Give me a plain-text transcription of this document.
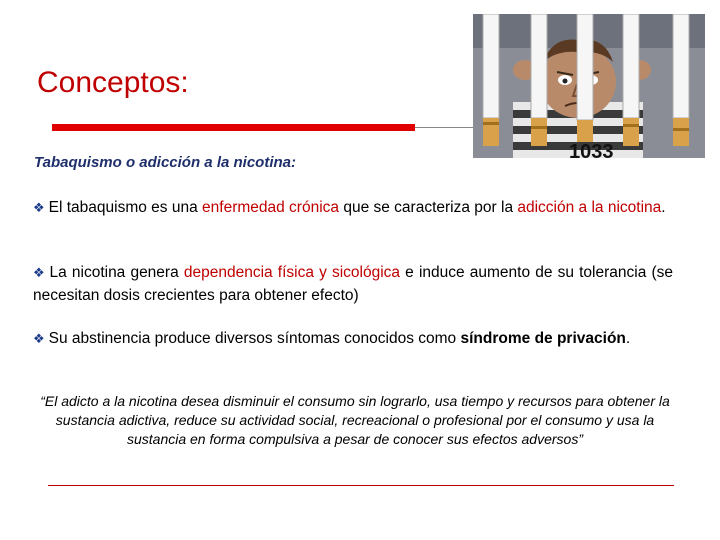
Conceptos:
1033

Tabaquismo o adicción a la nicotina:

❖ El tabaquismo es una enfermedad crónica que se caracteriza por la adicción a la nicotina.

❖ La nicotina genera dependencia física y sicológica e induce aumento de su tolerancia (se necesitan dosis crecientes para obtener efecto)

❖ Su abstinencia produce diversos síntomas conocidos como síndrome de privación.

“El adicto a la nicotina desea disminuir el consumo sin lograrlo, usa tiempo y recursos para obtener la sustancia adictiva, reduce su actividad social, recreacional o profesional por el consumo y usa la sustancia en forma compulsiva a pesar de conocer sus efectos adversos”
